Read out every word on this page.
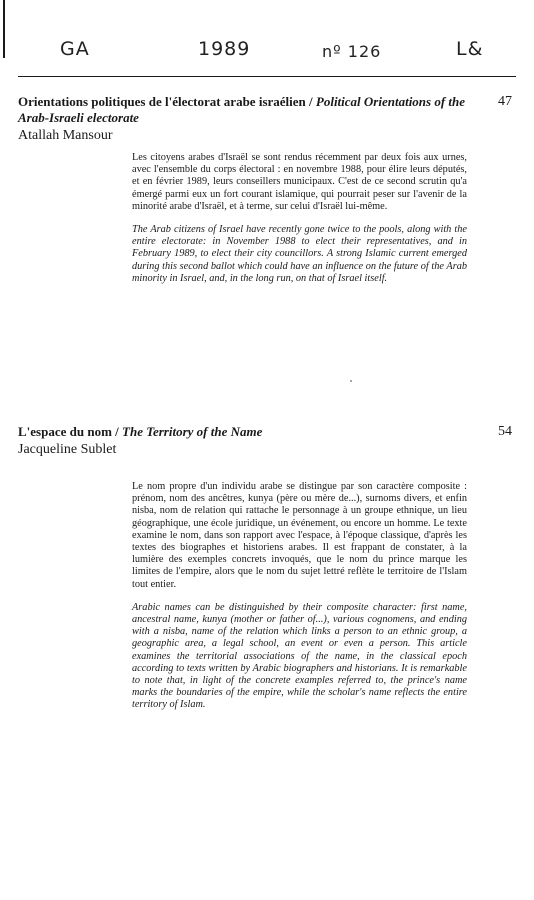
GA	1989	nº 126	L&
Orientations politiques de l'électorat arabe israélien / Political Orientations of the Arab-Israeli electorate
47
Atallah Mansour

Les citoyens arabes d'Israël se sont rendus récemment par deux fois aux urnes, avec l'ensemble du corps électoral : en novembre 1988, pour élire leurs députés, et en février 1989, leurs conseillers municipaux. C'est de ce second scrutin qu'a émergé parmi eux un fort courant islamique, qui pourrait peser sur l'avenir de la minorité arabe d'Israël, et à terme, sur celui d'Israël lui-même.

The Arab citizens of Israel have recently gone twice to the pools, along with the entire electorate: in November 1988 to elect their representatives, and in February 1989, to elect their city councillors. A strong Islamic current emerged during this second ballot which could have an influence on the future of the Arab minority in Israel, and, in the long run, on that of Israel itself.

L'espace du nom / The Territory of the Name	54
Jacqueline Sublet

Le nom propre d'un individu arabe se distingue par son caractère composite : prénom, nom des ancêtres, kunya (père ou mère de...), surnoms divers, et enfin nisba, nom de relation qui rattache le personnage à un groupe ethnique, un lieu géographique, une école juridique, un événement, ou encore un homme. Le texte examine le nom, dans son rapport avec l'espace, à l'époque classique, d'après les textes des biographes et historiens arabes. Il est frappant de constater, à la lumière des exemples concrets invoqués, que le nom du prince marque les limites de l'empire, alors que le nom du sujet lettré reflète le territoire de l'Islam tout entier.

Arabic names can be distinguished by their composite character: first name, ancestral name, kunya (mother or father of...), various cognomens, and ending with a nisba, name of the relation which links a person to an ethnic group, a geographic area, a legal school, an event or even a person. This article examines the territorial associations of the name, in the classical epoch according to texts written by Arabic biographers and historians. It is remarkable to note that, in light of the concrete examples referred to, the prince's name marks the boundaries of the empire, while the scholar's name reflects the entire territory of Islam.
